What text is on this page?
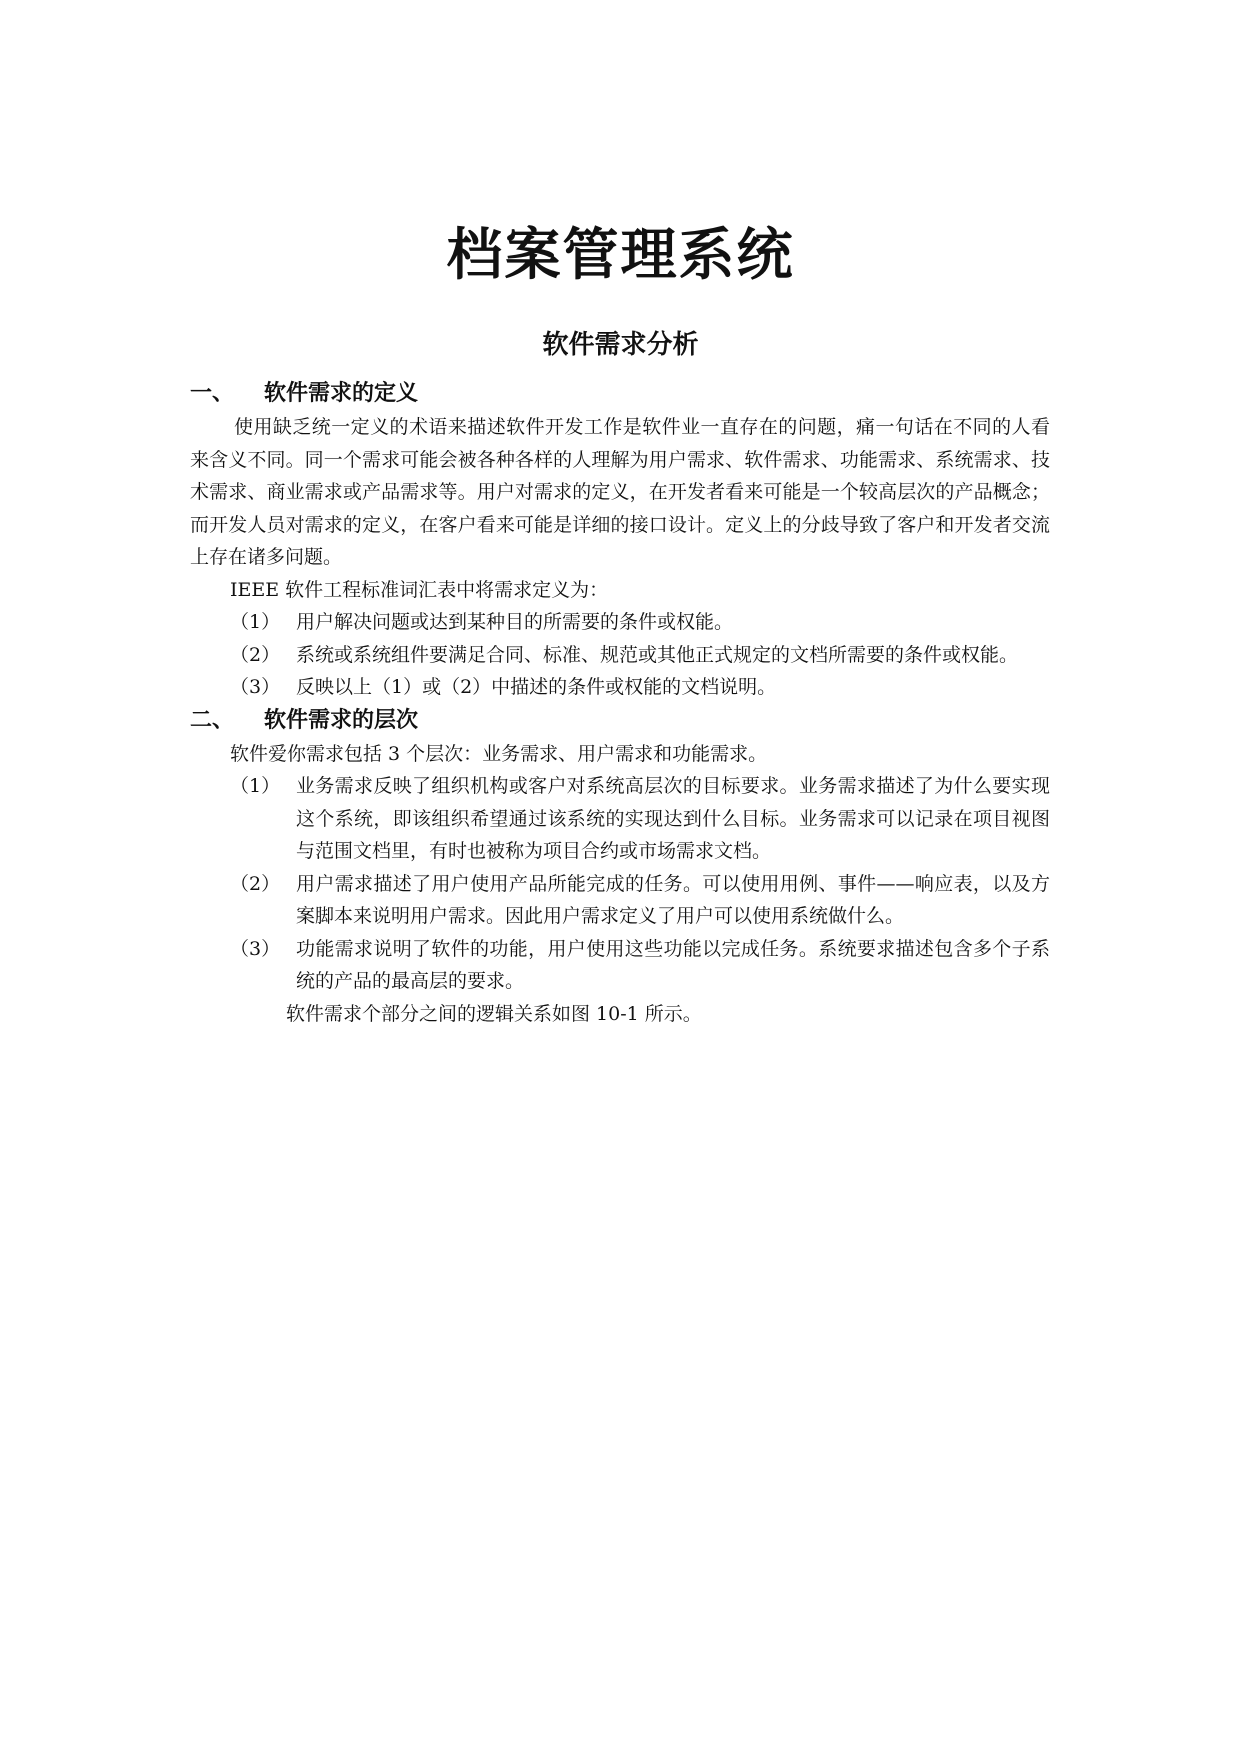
档案管理系统
软件需求分析
一、	软件需求的定义

使用缺乏统一定义的术语来描述软件开发工作是软件业一直存在的问题，痛一句话在不同的人看来含义不同。同一个需求可能会被各种各样的人理解为用户需求、软件需求、功能需求、系统需求、技术需求、商业需求或产品需求等。用户对需求的定义，在开发者看来可能是一个较高层次的产品概念；而开发人员对需求的定义，在客户看来可能是详细的接口设计。定义上的分歧导致了客户和开发者交流上存在诸多问题。

IEEE 软件工程标准词汇表中将需求定义为：
（1） 用户解决问题或达到某种目的所需要的条件或权能。
（2） 系统或系统组件要满足合同、标准、规范或其他正式规定的文档所需要的条件或权能。
（3） 反映以上（1）或（2）中描述的条件或权能的文档说明。
二、	软件需求的层次
软件爱你需求包括 3 个层次：业务需求、用户需求和功能需求。
（1） 业务需求反映了组织机构或客户对系统高层次的目标要求。业务需求描述了为什么要实现这个系统，即该组织希望通过该系统的实现达到什么目标。业务需求可以记录在项目视图与范围文档里，有时也被称为项目合约或市场需求文档。
（2） 用户需求描述了用户使用产品所能完成的任务。可以使用用例、事件——响应表，以及方案脚本来说明用户需求。因此用户需求定义了用户可以使用系统做什么。
（3） 功能需求说明了软件的功能，用户使用这些功能以完成任务。系统要求描述包含多个子系统的产品的最高层的要求。
软件需求个部分之间的逻辑关系如图 10-1 所示。
